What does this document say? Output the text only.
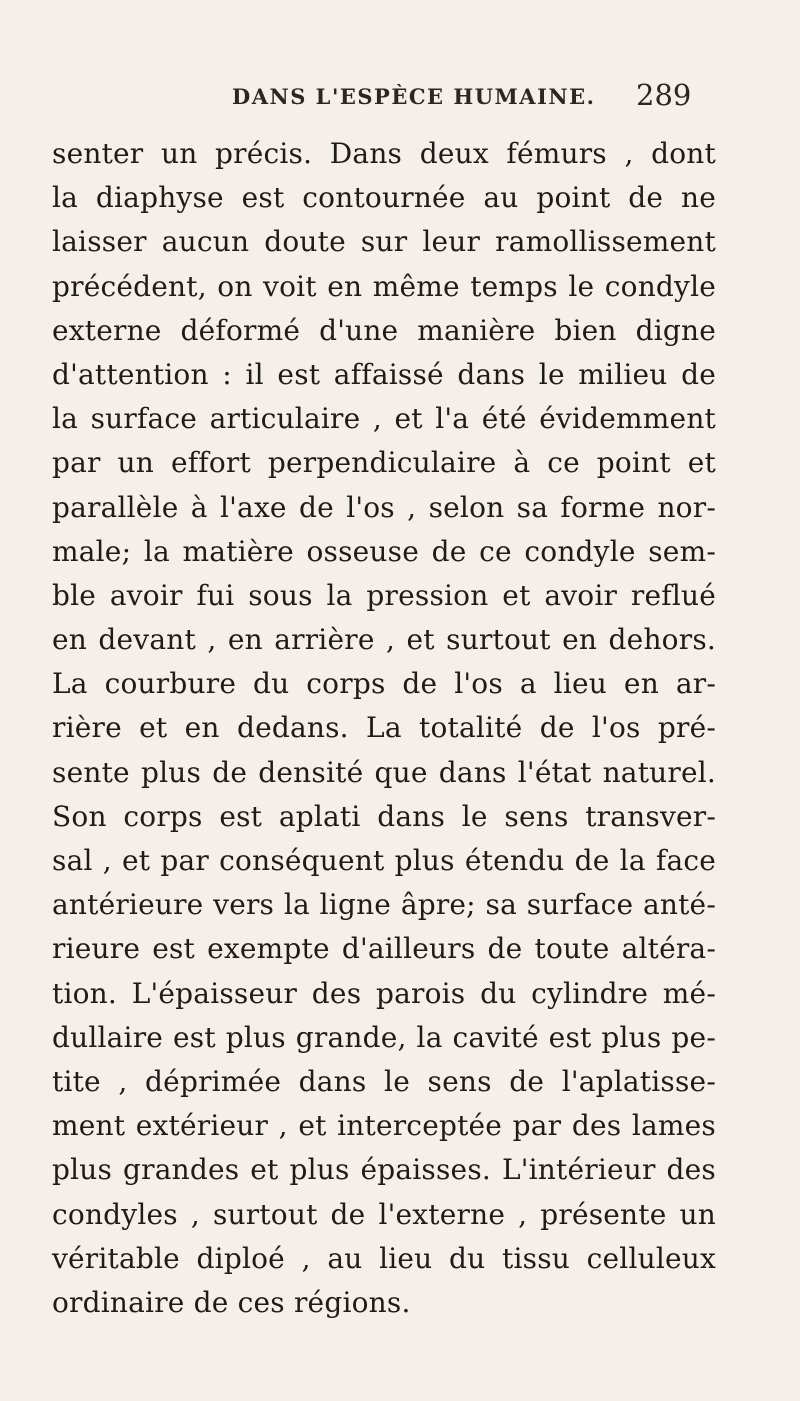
DANS L'ESPÈCE HUMAINE. 289
senter un précis. Dans deux fémurs , dont
la diaphyse est contournée au point de ne
laisser aucun doute sur leur ramollissement
précédent, on voit en même temps le condyle
externe déformé d'une manière bien digne
d'attention : il est affaissé dans le milieu de
la surface articulaire , et l'a été évidemment
par un effort perpendiculaire à ce point et
parallèle à l'axe de l'os , selon sa forme nor-
male; la matière osseuse de ce condyle sem-
ble avoir fui sous la pression et avoir reflué
en devant , en arrière , et surtout en dehors.
La courbure du corps de l'os a lieu en ar-
rière et en dedans. La totalité de l'os pré-
sente plus de densité que dans l'état naturel.
Son corps est aplati dans le sens transver-
sal , et par conséquent plus étendu de la face
antérieure vers la ligne âpre; sa surface anté-
rieure est exempte d'ailleurs de toute altéra-
tion. L'épaisseur des parois du cylindre mé-
dullaire est plus grande, la cavité est plus pe-
tite , déprimée dans le sens de l'aplatisse-
ment extérieur , et interceptée par des lames
plus grandes et plus épaisses. L'intérieur des
condyles , surtout de l'externe , présente un
véritable diploé , au lieu du tissu celluleux
ordinaire de ces régions.
